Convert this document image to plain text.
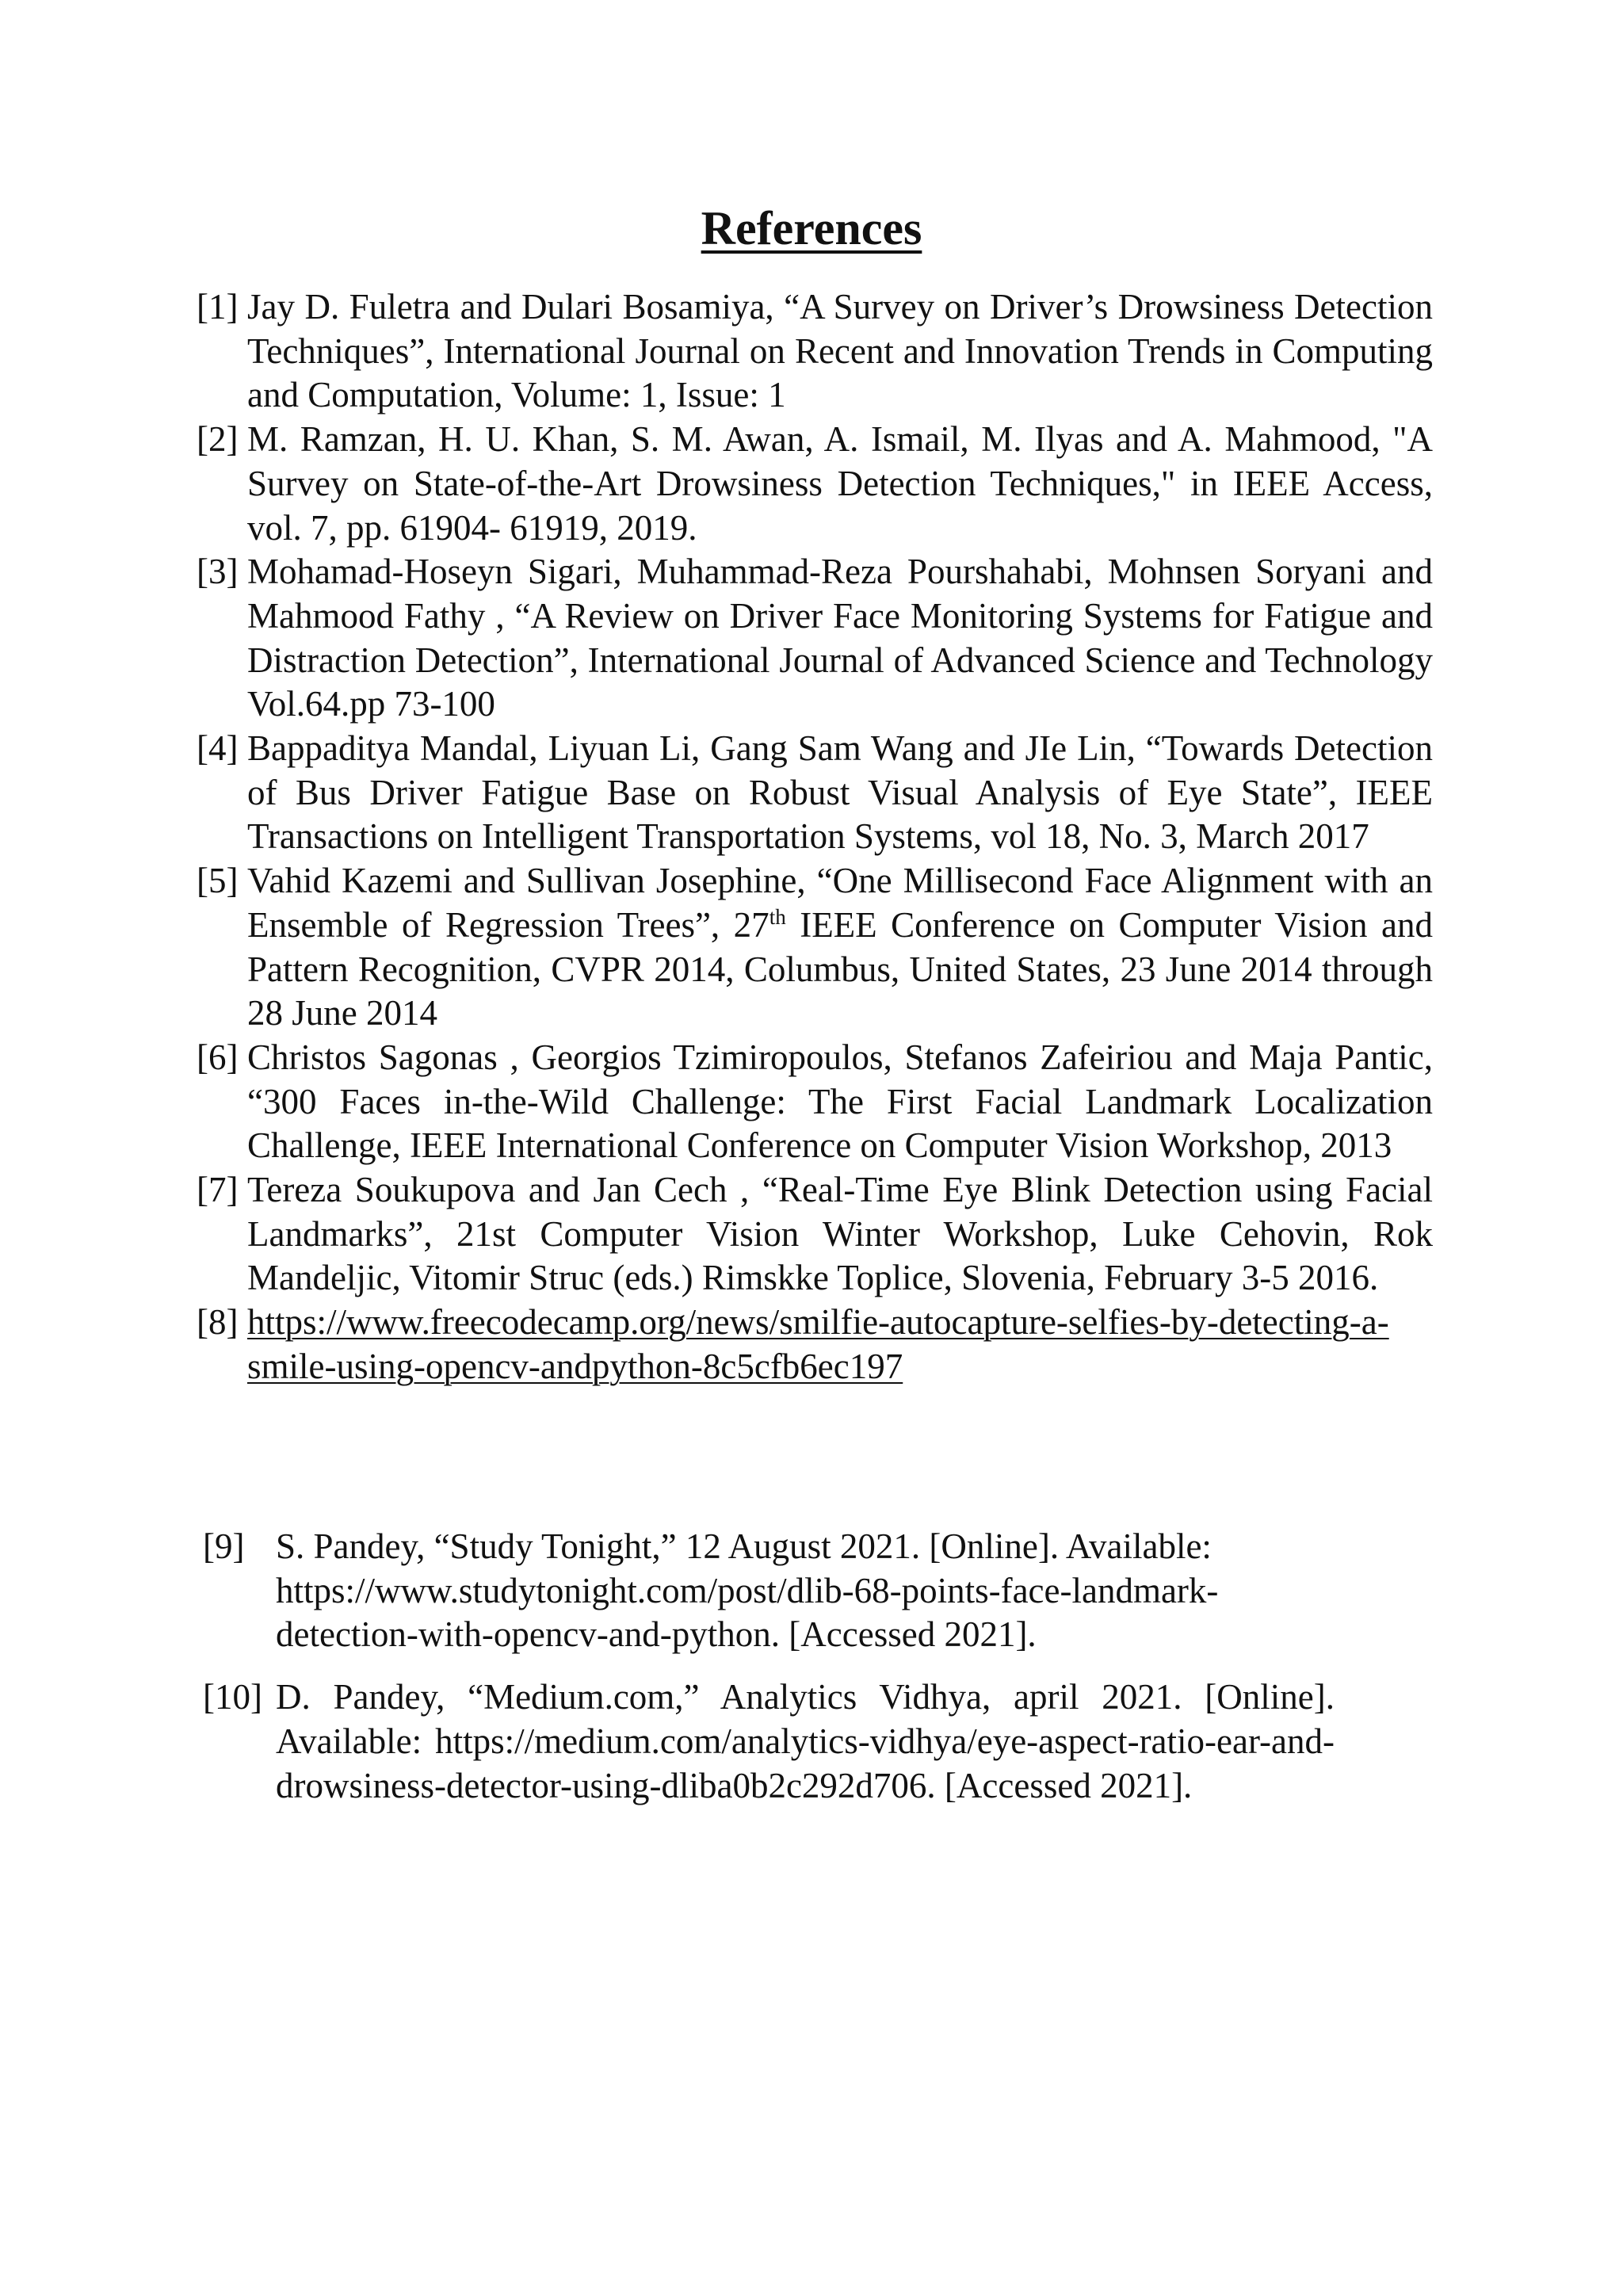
References
[1] Jay D. Fuletra and Dulari Bosamiya, “A Survey on Driver’s Drowsiness Detection Techniques”, International Journal on Recent and Innovation Trends in Computing and Computation, Volume: 1, Issue: 1
[2] M. Ramzan, H. U. Khan, S. M. Awan, A. Ismail, M. Ilyas and A. Mahmood, "A Survey on State-of-the-Art Drowsiness Detection Techniques," in IEEE Access, vol. 7, pp. 61904- 61919, 2019.
[3] Mohamad-Hoseyn Sigari, Muhammad-Reza Pourshahabi, Mohnsen Soryani and Mahmood Fathy , “A Review on Driver Face Monitoring Systems for Fatigue and Distraction Detection”, International Journal of Advanced Science and Technology Vol.64.pp 73-100
[4] Bappaditya Mandal, Liyuan Li, Gang Sam Wang and JIe Lin, “Towards Detection of Bus Driver Fatigue Base on Robust Visual Analysis of Eye State”, IEEE Transactions on Intelligent Transportation Systems, vol 18, No. 3, March 2017
[5] Vahid Kazemi and Sullivan Josephine, “One Millisecond Face Alignment with an Ensemble of Regression Trees”, 27th IEEE Conference on Computer Vision and Pattern Recognition, CVPR 2014, Columbus, United States, 23 June 2014 through 28 June 2014
[6] Christos Sagonas , Georgios Tzimiropoulos, Stefanos Zafeiriou and Maja Pantic, “300 Faces in-the-Wild Challenge: The First Facial Landmark Localization Challenge, IEEE International Conference on Computer Vision Workshop, 2013
[7] Tereza Soukupova and Jan Cech , “Real-Time Eye Blink Detection using Facial Landmarks”, 21st Computer Vision Winter Workshop, Luke Cehovin, Rok Mandeljic, Vitomir Struc (eds.) Rimskke Toplice, Slovenia, February 3-5 2016.
[8] https://www.freecodecamp.org/news/smilfie-autocapture-selfies-by-detecting-a-smile-using-opencv-andpython-8c5cfb6ec197
[9] S. Pandey, “Study Tonight,” 12 August 2021. [Online]. Available: https://www.studytonight.com/post/dlib-68-points-face-landmark-detection-with-opencv-and-python. [Accessed 2021].
[10] D. Pandey, “Medium.com,” Analytics Vidhya, april 2021. [Online]. Available: https://medium.com/analytics-vidhya/eye-aspect-ratio-ear-and-drowsiness-detector-using-dliba0b2c292d706. [Accessed 2021].
